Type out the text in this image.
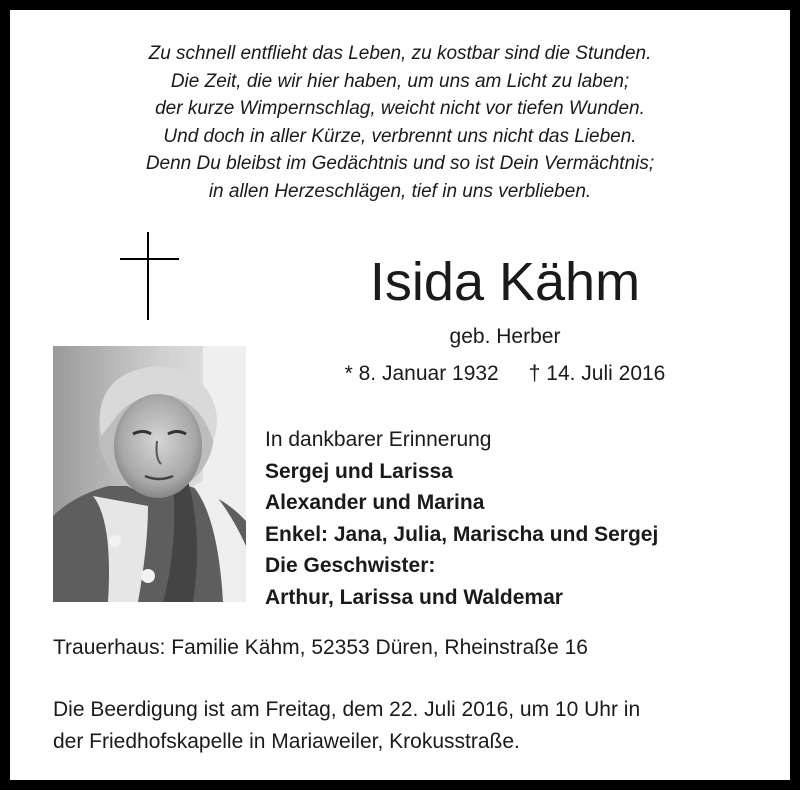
Zu schnell entflieht das Leben, zu kostbar sind die Stunden.
Die Zeit, die wir hier haben, um uns am Licht zu laben;
der kurze Wimpernschlag, weicht nicht vor tiefen Wunden.
Und doch in aller Kürze, verbrennt uns nicht das Lieben.
Denn Du bleibst im Gedächtnis und so ist Dein Vermächtnis;
in allen Herzeschlägen, tief in uns verblieben.
Isida Kähm
geb. Herber
* 8. Januar 1932 † 14. Juli 2016
In dankbarer Erinnerung
Sergej und Larissa
Alexander und Marina
Enkel: Jana, Julia, Marischa und Sergej
Die Geschwister:
Arthur, Larissa und Waldemar
Trauerhaus: Familie Kähm, 52353 Düren, Rheinstraße 16
Die Beerdigung ist am Freitag, dem 22. Juli 2016, um 10 Uhr in
der Friedhofskapelle in Mariaweiler, Krokusstraße.
